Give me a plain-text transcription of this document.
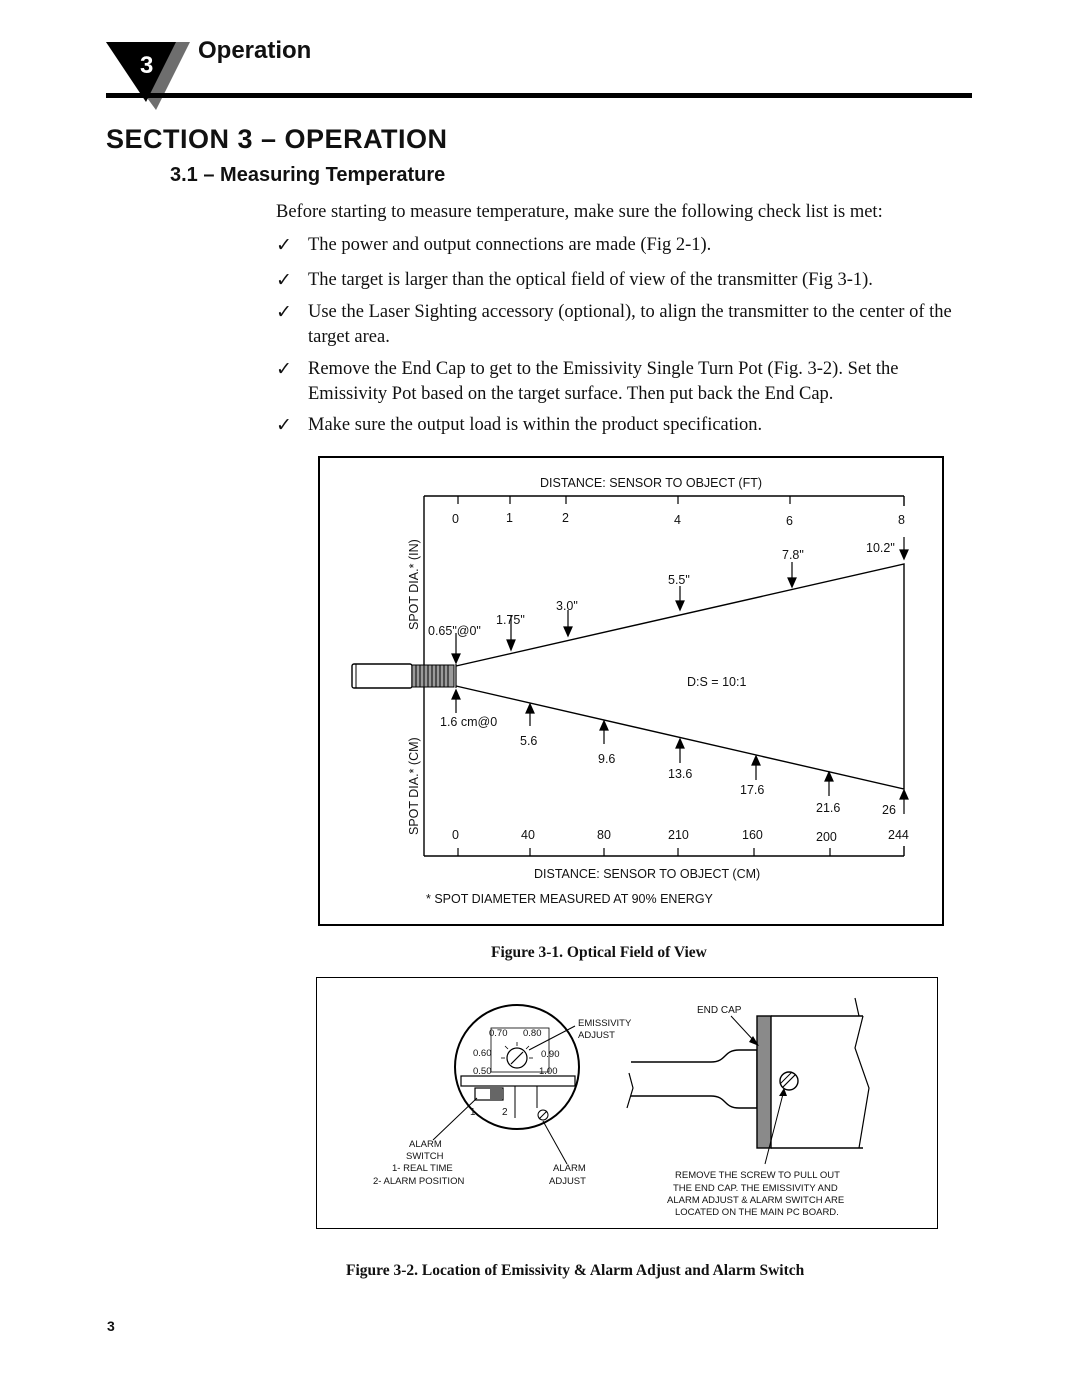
3
Operation
SECTION 3 – OPERATION
3.1 – Measuring Temperature
Before starting to measure temperature, make sure the following check list is met:
✓ The power and output connections are made (Fig 2-1).
✓ The target is larger than the optical field of view of the transmitter (Fig 3-1).
✓ Use the Laser Sighting accessory (optional), to align the transmitter to the center of the target area.
✓ Remove the End Cap to get to the Emissivity Single Turn Pot (Fig. 3-2). Set the Emissivity Pot based on the target surface. Then put back the End Cap.
✓ Make sure the output load is within the product specification.
DISTANCE: SENSOR TO OBJECT (FT)
0	1	2	4	6	8
SPOT DIA.* (IN)
SPOT DIA.* (CM)
D:S = 10:1
0.65"@0"
1.75"
3.0"
5.5"
7.8"	10.2"
1.6 cm@0
5.6
9.6
13.6
17.6
21.6	26
0	40	80	210	160	200	244
DISTANCE: SENSOR TO OBJECT (CM)
* SPOT DIAMETER MEASURED AT 90% ENERGY
Figure 3-1. Optical Field of View
0.70 0.80
0.60	0.90
0.50	1.00
1	2
EMISSIVITY
ADJUST
ALARM
SWITCH
1- REAL TIME
2- ALARM POSITION
ALARM
ADJUST
END CAP
REMOVE THE SCREW TO PULL OUT
THE END CAP. THE EMISSIVITY AND
ALARM ADJUST & ALARM SWITCH ARE
LOCATED ON THE MAIN PC BOARD.
Figure 3-2. Location of Emissivity & Alarm Adjust and Alarm Switch
3
